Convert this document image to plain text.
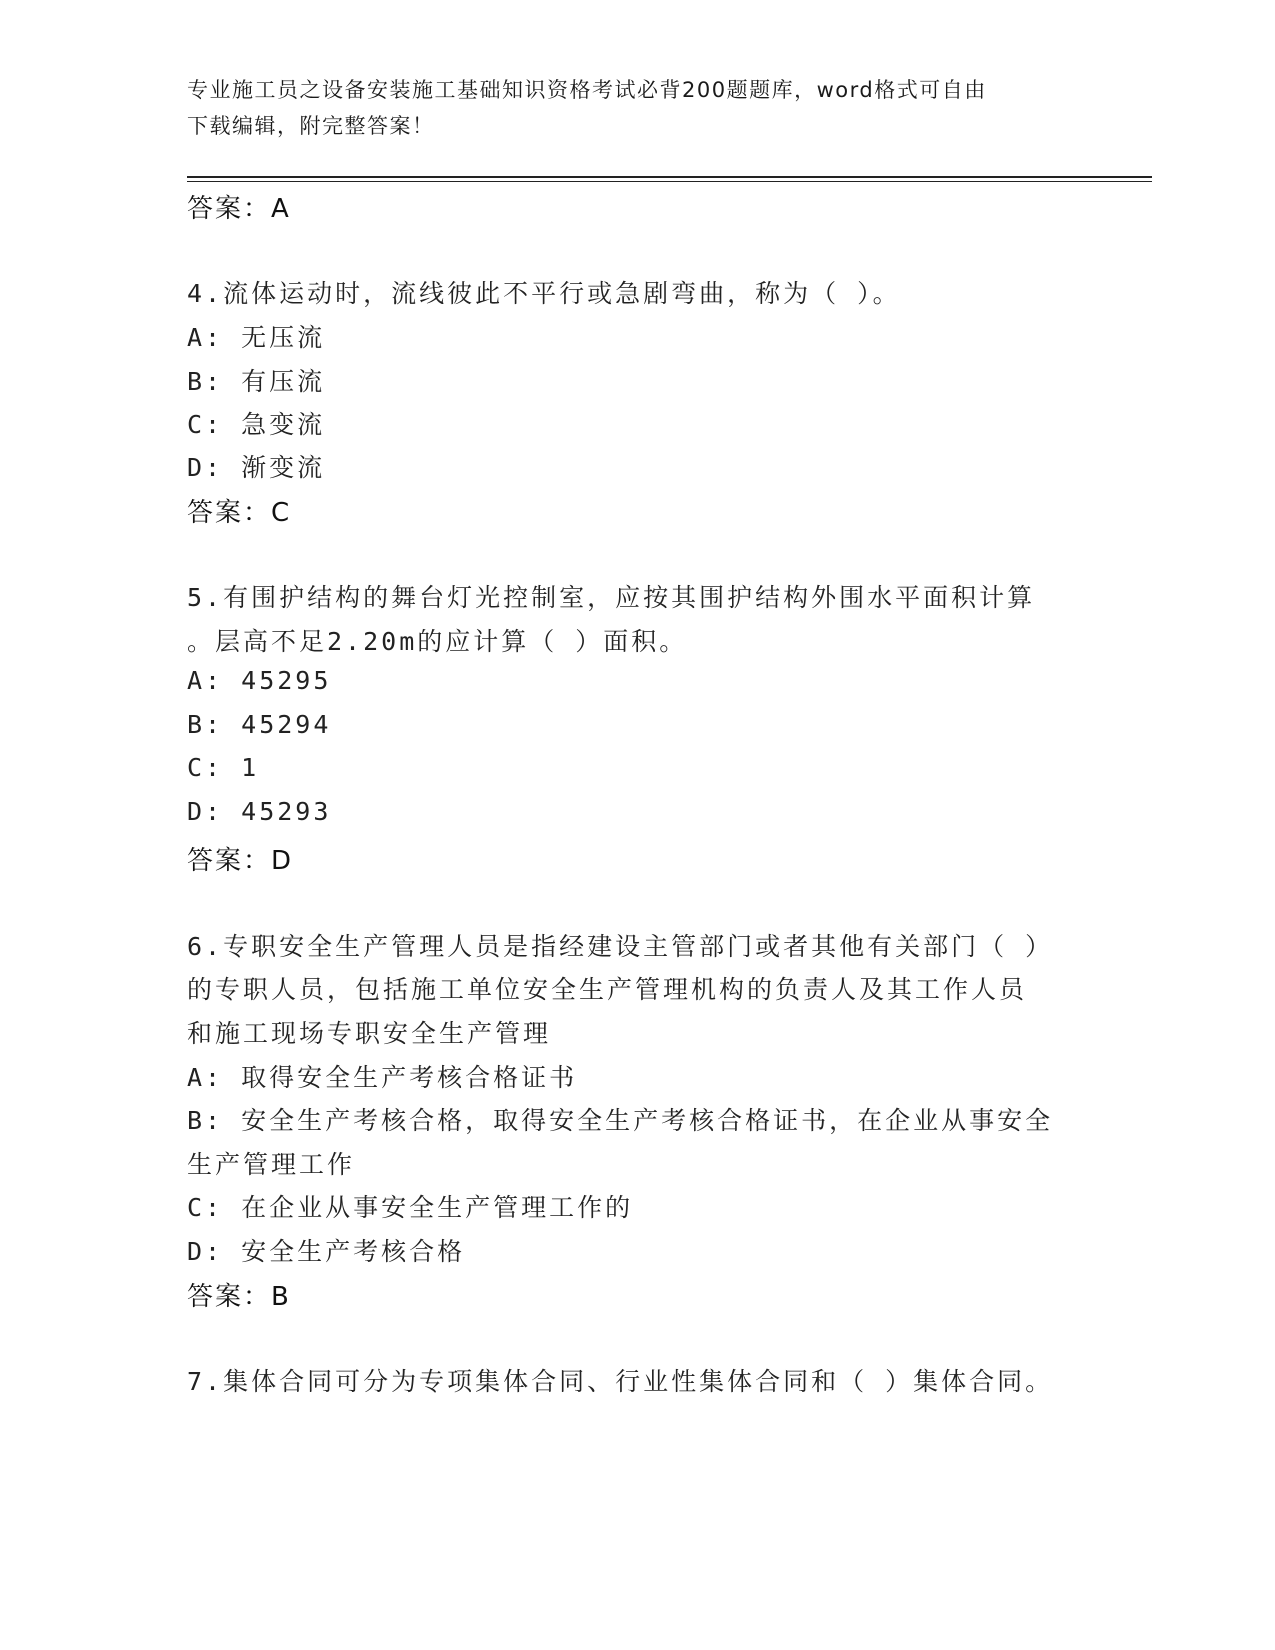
专业施工员之设备安装施工基础知识资格考试必背200题题库，word格式可自由
下载编辑，附完整答案！
答案：A
4.流体运动时，流线彼此不平行或急剧弯曲，称为（ ）。
A: 无压流
B: 有压流
C: 急变流
D: 渐变流
答案：C
5.有围护结构的舞台灯光控制室，应按其围护结构外围水平面积计算
。层高不足2.20m的应计算（ ）面积。
A: 45295
B: 45294
C: 1
D: 45293
答案：D
6.专职安全生产管理人员是指经建设主管部门或者其他有关部门（ ）
的专职人员，包括施工单位安全生产管理机构的负责人及其工作人员
和施工现场专职安全生产管理
A: 取得安全生产考核合格证书
B: 安全生产考核合格，取得安全生产考核合格证书，在企业从事安全
生产管理工作
C: 在企业从事安全生产管理工作的
D: 安全生产考核合格
答案：B
7.集体合同可分为专项集体合同、行业性集体合同和（ ）集体合同。
